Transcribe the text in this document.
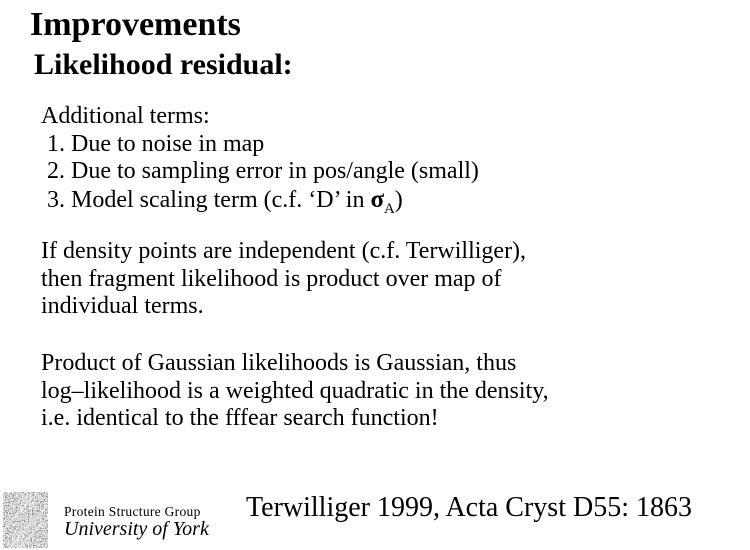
Improvements
Likelihood residual:
Additional terms:
1. Due to noise in map
2. Due to sampling error in pos/angle (small)
3. Model scaling term (c.f. ‘D’ in $\sigma_A$)
If density points are independent (c.f. Terwilliger),
then fragment likelihood is product over map of
individual terms.
Product of Gaussian likelihoods is Gaussian, thus
log–likelihood is a weighted quadratic in the density,
i.e. identical to the fffear search function!
Protein Structure Group
University of York
Terwilliger 1999, Acta Cryst D55: 1863
